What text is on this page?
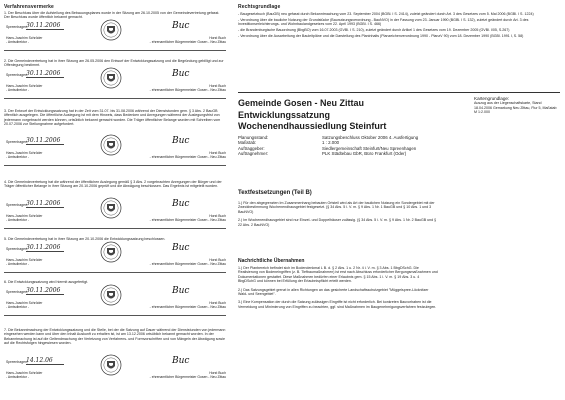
Verfahrensvermerke
1. Der Beschluss über die Aufstellung des Bebauungsplanes wurde in der Sitzung am 26.10.2005 von der Gemeindevertretung gefasst. Der Beschluss wurde öffentlich bekannt gemacht.
Spreenhagen,
30.11.2006
Hans-Joachim Schröder
- Amtsdirektor -
Horst Buch
- ehrenamtlicher Bürgermeister Gosen - Neu Zittau
Buc
2. Die Gemeindevertretung hat in ihrer Sitzung am 26.05.2006 den Entwurf der Entwicklungssatzung und die Begründung gebilligt und zur Offenlegung bestimmt.
Spreenhagen,
30.11.2006
Hans-Joachim Schröder
- Amtsdirektor -
Horst Buch
- ehrenamtlicher Bürgermeister Gosen - Neu Zittau
Buc
3. Der Entwurf der Entwicklungssatzung hat in der Zeit vom 31.07. bis 31.08.2006 während der Dienststunden gem. § 3 Abs. 2 BauGB öffentlich ausgelegen. Die öffentliche Auslegung ist mit dem Hinweis, dass Bedenken und Anregungen während der Auslegungsfrist von jedermann vorgebracht werden können, ortsüblich bekannt gemacht worden. Die Träger öffentlicher Belange wurden mit Schreiben vom 20.07.2006 zur Stellungnahme aufgefordert.
Spreenhagen,
30.11.2006
Hans-Joachim Schröder
- Amtsdirektor -
Horst Buch
- ehrenamtlicher Bürgermeister Gosen - Neu Zittau
Buc
4. Die Gemeindevertretung hat die während der öffentlichen Auslegung gemäß § 3 Abs. 2 vorgebrachten Anregungen der Bürger und der Träger öffentlicher Belange in ihrer Sitzung am 20.10.2006 geprüft und die Abwägung beschlossen. Das Ergebnis ist mitgeteilt worden.
Spreenhagen,
30.11.2006
Hans-Joachim Schröder
- Amtsdirektor -
Horst Buch
- ehrenamtlicher Bürgermeister Gosen - Neu Zittau
Buc
5. Die Gemeindevertretung hat in ihrer Sitzung am 20.10.2006 die Entwicklungssatzung beschlossen.
Spreenhagen,
30.11.2006
Hans-Joachim Schröder
- Amtsdirektor -
Horst Buch
- ehrenamtlicher Bürgermeister Gosen - Neu Zittau
Buc
6. Die Entwicklungssatzung wird hiermit ausgefertigt.
Spreenhagen,
30.11.2006
Hans-Joachim Schröder
- Amtsdirektor -
Horst Buch
- ehrenamtlicher Bürgermeister Gosen - Neu Zittau
Buc
7. Die Bekanntmachung der Entwicklungssatzung und die Stelle, bei der die Satzung auf Dauer während der Dienststunden von jedermann eingesehen werden kann und über den Inhalt Auskunft zu erhalten ist, ist am 13.12.2006 ortsüblich bekannt gemacht worden. In der Bekanntmachung ist auf die Geltendmachung der Verletzung von Verfahrens- und Formvorschriften und von Mängeln der Abwägung sowie auf die Rechtsfolgen hingewiesen worden.
Spreenhagen,
14.12.06
Hans-Joachim Schröder
- Amtsdirektor -
Horst Buch
- ehrenamtlicher Bürgermeister Gosen - Neu Zittau
Buc
Rechtsgrundlage
- Baugesetzbuch (BauGB) neu gefasst durch Bekanntmachung vom 23. September 2004 (BGBl. I S. 2414), zuletzt geändert durch Art. 3 des Gesetzes vom 5. Mai 2006 (BGBl. I S. 1224)
- Verordnung über die bauliche Nutzung der Grundstücke (Baunutzungsverordnung - BauNVO) in der Fassung vom 23. Januar 1990 (BGBl. I S. 132), zuletzt geändert durch Art. 3 des Investitionserleichterungs- und Wohnbaulandgesetzes vom 22. April 1993 (BGBl. I S. 466)
- die Brandenburgische Bauordnung (BbgBO) vom 16.07.2003 (GVBl. I S. 210), zuletzt geändert durch Artikel 1 des Gesetzes vom 19. Dezember 2005 (GVBl. I/05, S.267)
- Verordnung über die Ausarbeitung der Bauleitpläne und die Darstellung des Planinhalts (Planzeichenverordnung 1990 - PlanzV 90) vom 18. Dezember 1990 (BGBl. 1991 I, S. 58)
Gemeinde Gosen - Neu Zittau
Entwicklungssatzung
Wochenendhaussiedlung Steinfurt
Kartengrundlage:
Auszug aus der Liegenschaftskarte, Stand 18.04.2006 Gemarkung Neu Zittau, Flur 5, Maßstab M 1:2.000
Planungsstand:	Satzungsbeschluss Oktober 2006 4. Ausfertigung
Maßstab:	1 : 2.000
Auftraggeber:	Siedlergemeinschaft Steinfurt/Neu Spreenhagen
Auftragnehmer:	PLK Städtebau GbR, Büro Frankfurt (Oder)
Textfestsetzungen (Teil B)
1.) Für den abgegrenzten Im Zusammenhang bebauten Ortsteil wird als Art der baulichen Nutzung ein Sondergebiet mit der Zweckbestimmung Wochenendhausgebiet festgesetzt. (§ 34 Abs. 5 i. V. m. § 9 Abs. 1 Nr. 1 BauGB und § 10 Abs. 1 und 3 BauNVO)
2.) Im Wochenendhausgebiet sind nur Einzel- und Doppelhäuser zulässig. (§ 34 Abs. 5 i. V. m. § 9 Abs. 1 Nr. 2 BauGB und § 22 Abs. 2 BauNVO)
Nachrichtliche Übernahmen
1.) Der Planbereich befindet sich im Bodendenkmal L B. d. § 2 Abs. 1 u. 2 Nr. 4 i. V. m. § 3 Abs. 1 BbgDSchG. Die Realisierung von Bodeneingriffen (z. B. Tiefbaumaßnahmen) ist erst nach Abschluss erforderlicher Bergungsmaßnahmen und Dokumentationen gestattet. Diese Maßnahmen bedürfen einer Erlaubnis gem. § 15 Abs. 1 i. V. m. § 19 Abs. 3 u. 4 BbgDSchG und können bei Erfüllung der Erlaubnispflicht erteilt werden.
2.) Das Satzungsgebiet grenzt in allen Richtungen an das gesicherte Landschaftsschutzgebiet "Müggelspree-Löcknitzer Wald- und Seengebiet".
3.) Eine Kompensation der durch die Satzung zulässigen Eingriffe ist nicht erforderlich. Bei konkreten Bauvorhaben ist die Vermeidung und Minimierung von Eingriffen zu beachten, ggf. sind Maßnahmen im Baugenehmigungsverfahren festzulegen.
